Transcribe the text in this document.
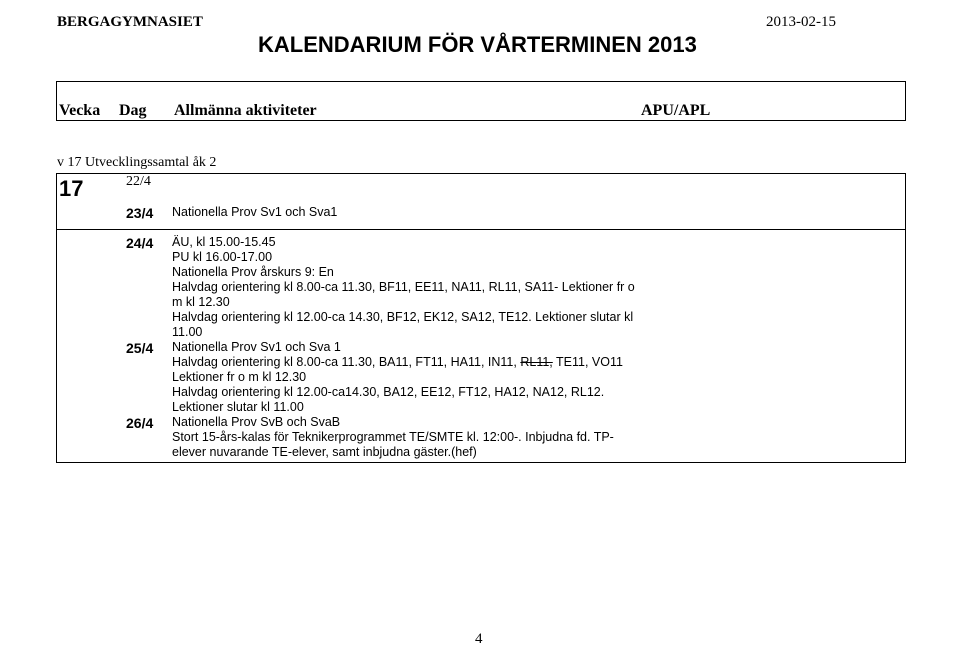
BERGAGYMNASIET	2013-02-15
KALENDARIUM FÖR VÅRTERMINEN 2013
Vecka Dag Allmänna aktiviteter	APU/APL
v 17 Utvecklingssamtal åk 2
17	22/4
23/4 Nationella Prov Sv1 och Sva1
24/4 ÄU, kl 15.00-15.45
PU kl 16.00-17.00
Nationella Prov årskurs 9: En
Halvdag orientering kl 8.00-ca 11.30, BF11, EE11, NA11, RL11, SA11- Lektioner fr o
m kl 12.30
Halvdag orientering kl 12.00-ca 14.30, BF12, EK12, SA12, TE12. Lektioner slutar kl
11.00
25/4 Nationella Prov Sv1 och Sva 1
Halvdag orientering kl 8.00-ca 11.30, BA11, FT11, HA11, IN11, RL11, TE11, VO11
Lektioner fr o m kl 12.30
Halvdag orientering kl 12.00-ca14.30, BA12, EE12, FT12, HA12, NA12, RL12.
Lektioner slutar kl 11.00
26/4 Nationella Prov SvB och SvaB
Stort 15-års-kalas för Teknikerprogrammet TE/SMTE kl. 12:00-. Inbjudna fd. TP-
elever nuvarande TE-elever, samt inbjudna gäster.(hef)
4
